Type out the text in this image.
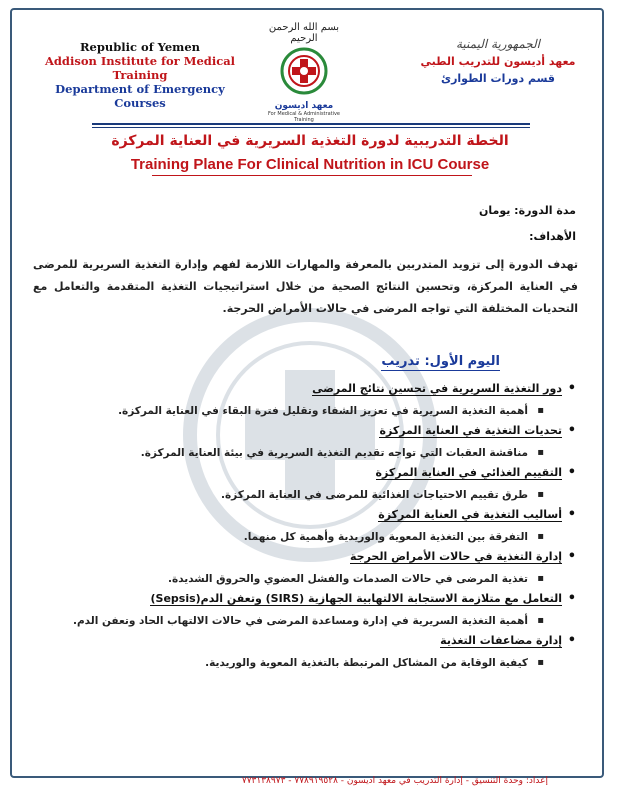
Republic of Yemen
Addison Institute for Medical Training
Department of Emergency Courses
بسم الله الرحمن الرحيم
معهد اديسون
For Medical & Administrative Training
الجمهورية اليمنية
معهد أديسون للتدريب الطبي
قسم دورات الطوارئ
الخطة التدريبية لدورة التغذية السريرية في العناية المركزة
Training Plane For Clinical Nutrition in ICU Course
مدة الدورة: يومان
الأهداف:
تهدف الدورة إلى تزويد المتدربين بالمعرفة والمهارات اللازمة لفهم وإدارة التغذية السريرية للمرضى في العناية المركزة، وتحسين النتائج الصحية من خلال استراتيجيات التغذية المتقدمة والتعامل مع التحديات المختلفة التي تواجه المرضى في حالات الأمراض الحرجة.
اليوم الأول: تدريب
• دور التغذية السريرية في تحسين نتائج المرضى
▪ أهمية التغذية السريرية في تعزيز الشفاء وتقليل فترة البقاء في العناية المركزة.
• تحديات التغذية في العناية المركزة
▪ مناقشة العقبات التي تواجه تقديم التغذية السريرية في بيئة العناية المركزة.
• التقييم الغذائي في العناية المركزة
▪ طرق تقييم الاحتياجات الغذائية للمرضى في العناية المركزة.
• أساليب التغذية في العناية المركزة
▪ التفرقة بين التغذية المعوية والوريدية وأهمية كل منهما.
• إدارة التغذية في حالات الأمراض الحرجة
▪ تغذية المرضى في حالات الصدمات والفشل العضوي والحروق الشديدة.
• التعامل مع متلازمة الاستجابة الالتهابية الجهازية (SIRS) وتعفن الدم(Sepsis)
▪ أهمية التغذية السريرية في إدارة ومساعدة المرضى في حالات الالتهاب الحاد وتعفن الدم.
• إدارة مضاعفات التغذية
▪ كيفية الوقاية من المشاكل المرتبطة بالتغذية المعوية والوريدية.
إعداد: وحدة التنسيق - إدارة التدريب في معهد اديسون - ٧٧٨٩١٩٥٢٨ - ٧٧٣١٣٨٩٧٣
